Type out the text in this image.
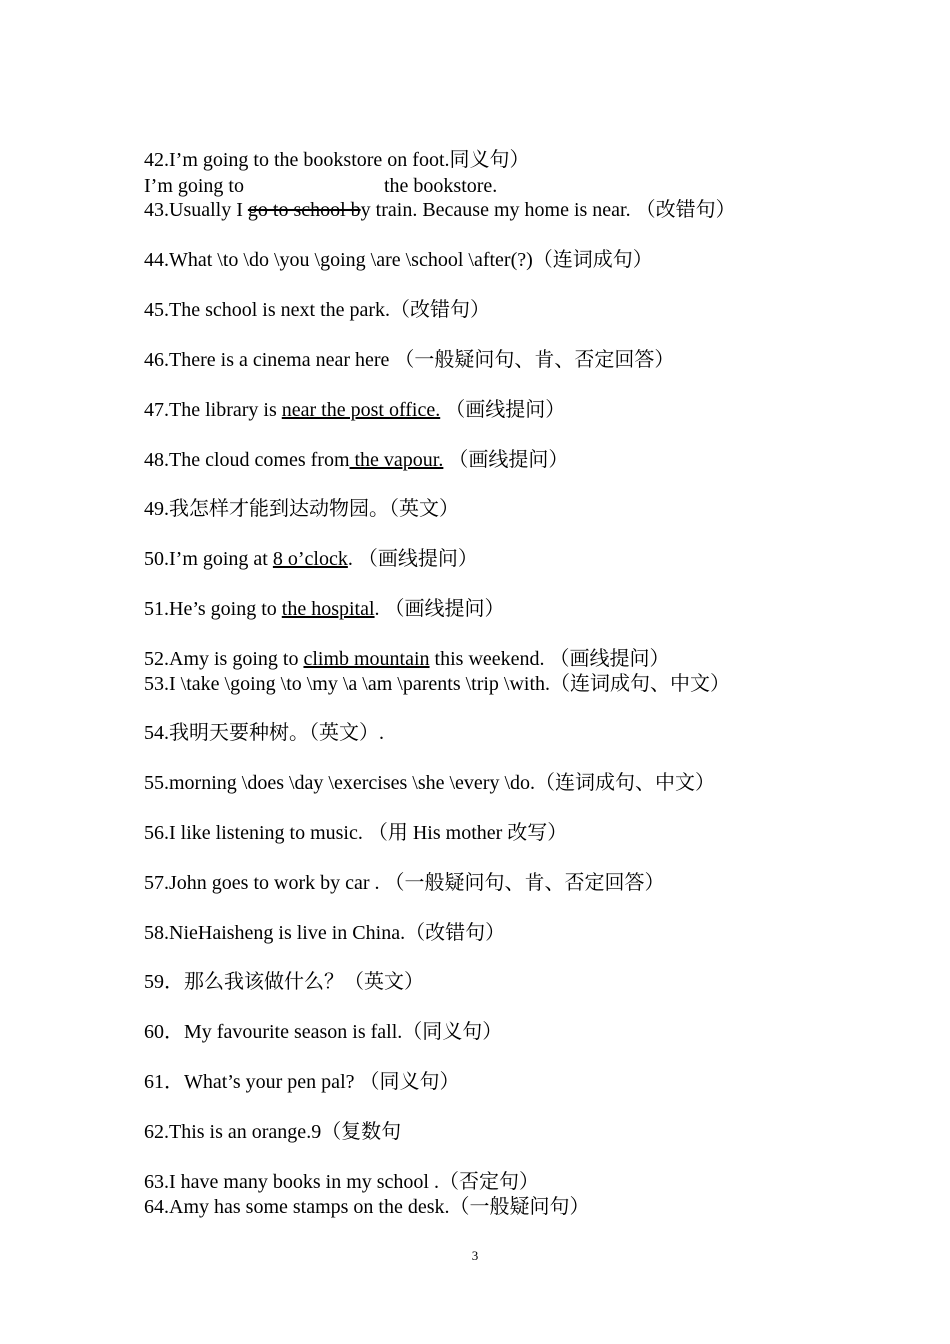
42.I’m going to the bookstore on foot.同义句）
I’m going to	the bookstore.
43.Usually I go to school by train. Because my home is near. （改错句）
44.What \to \do \you \going \are \school \after(?)（连词成句）
45.The school is next the park.（改错句）
46.There is a cinema near here （一般疑问句、肯、否定回答）
47.The library is near the post office. （画线提问）
48.The cloud comes from the vapour. （画线提问）
49.我怎样才能到达动物园。（英文）
50.I’m going at 8 o’clock. （画线提问）
51.He’s going to the hospital. （画线提问）
52.Amy is going to climb mountain this weekend. （画线提问）
53.I \take \going \to \my \a \am \parents \trip \with.（连词成句、中文）
54.我明天要种树。（英文）.
55.morning \does \day \exercises \she \every \do.（连词成句、中文）
56.I like listening to music. （用 His mother 改写）
57.John goes to work by car . （一般疑问句、肯、否定回答）
58.NieHaisheng is live in China.（改错句）
59．那么我该做什么？（英文）
60．My favourite season is fall.（同义句）
61．What’s your pen pal? （同义句）
62.This is an orange.9（复数句
63.I have many books in my school .（否定句）
64.Amy has some stamps on the desk.（一般疑问句）
3
